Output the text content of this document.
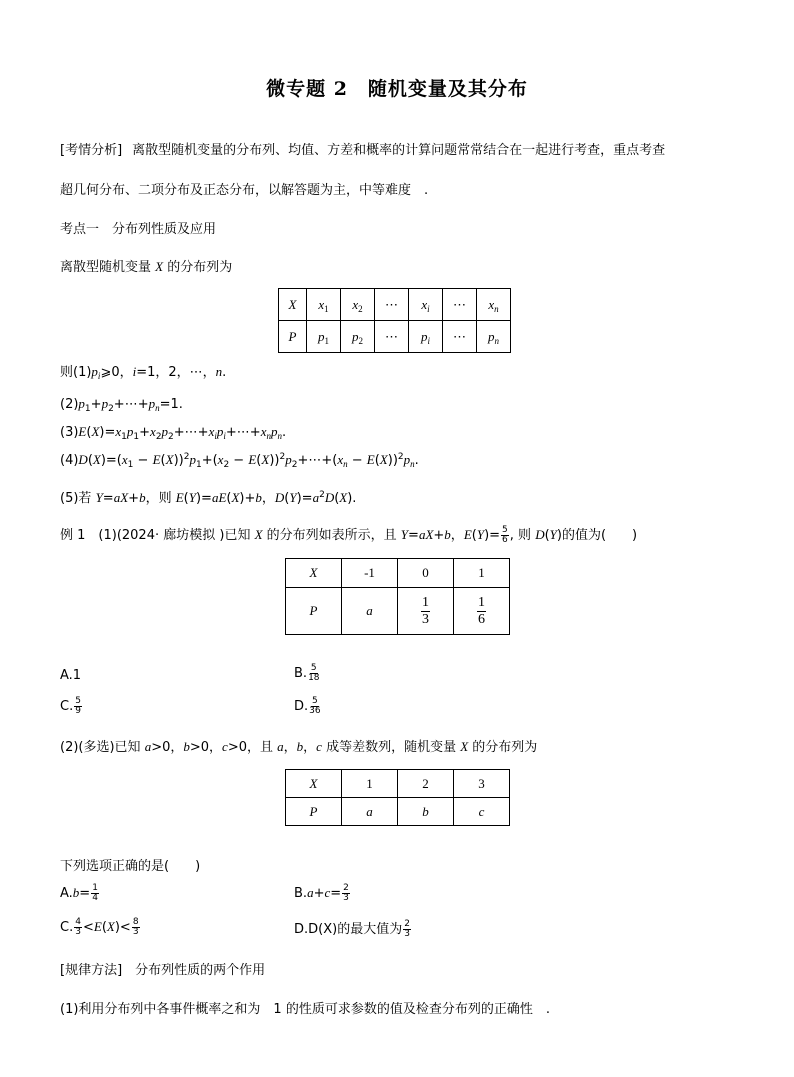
微专题 2　随机变量及其分布
[考情分析] 离散型随机变量的分布列、均值、方差和概率的计算问题常常结合在一起进行考查，重点考查
超几何分布、二项分布及正态分布，以解答题为主，中等难度　.
考点一　分布列性质及应用
离散型随机变量 X 的分布列为
X	$x_1$	$x_2$	⋯	$x_i$	⋯	$x_n$
P	$p_1$	$p_2$	⋯	$p_i$	⋯	$p_n$
则$(1)p_i⩾0$，i=1，2，⋯，n.
$(2)p_1+p_2+\cdots+p_n=1$.
$(3)E(X)=x_1p_1+x_2p_2+\cdots+x_ip_i+\cdots+x_np_n$.
$(4)D(X)=(x_1 - E(X))^2p_1+(x_2$ − $E(X))^2p_2+\cdots+(x_n - E(X))^2p_n$.
(5)若 Y=aX+b，则 E(Y)=aE(X)+b，$D(Y)=a^2D(X)$.
例 1　(1)(2024· 廊坊模拟 )已知 X 的分布列如表所示，且 Y=aX+b，$E(Y)= \frac{5}{6}$ , 则 D(Y)的值为(　　)
X	-1	0	1
P	a	$\frac{1}{3}$	$\frac{1}{6}$
A.1	B. $\frac{5}{18}$
C. $\frac{5}{9}$	D. $\frac{5}{36}$
(2)(多选)已知 a>0，b>0，c>0，且 a，b，c 成等差数列，随机变量 X 的分布列为
X	1	2	3
P	a	b	c
下列选项正确的是(　　)
$A.b= \frac{1}{4}$	$B.a+c= \frac{2}{3}$
C. $\frac{4}{3} <E(X)< \frac{8}{3}$	D.D(X)的最大值为 $\frac{2}{3}$
[规律方法]　分布列性质的两个作用
(1)利用分布列中各事件概率之和为　1 的性质可求参数的值及检查分布列的正确性　.
